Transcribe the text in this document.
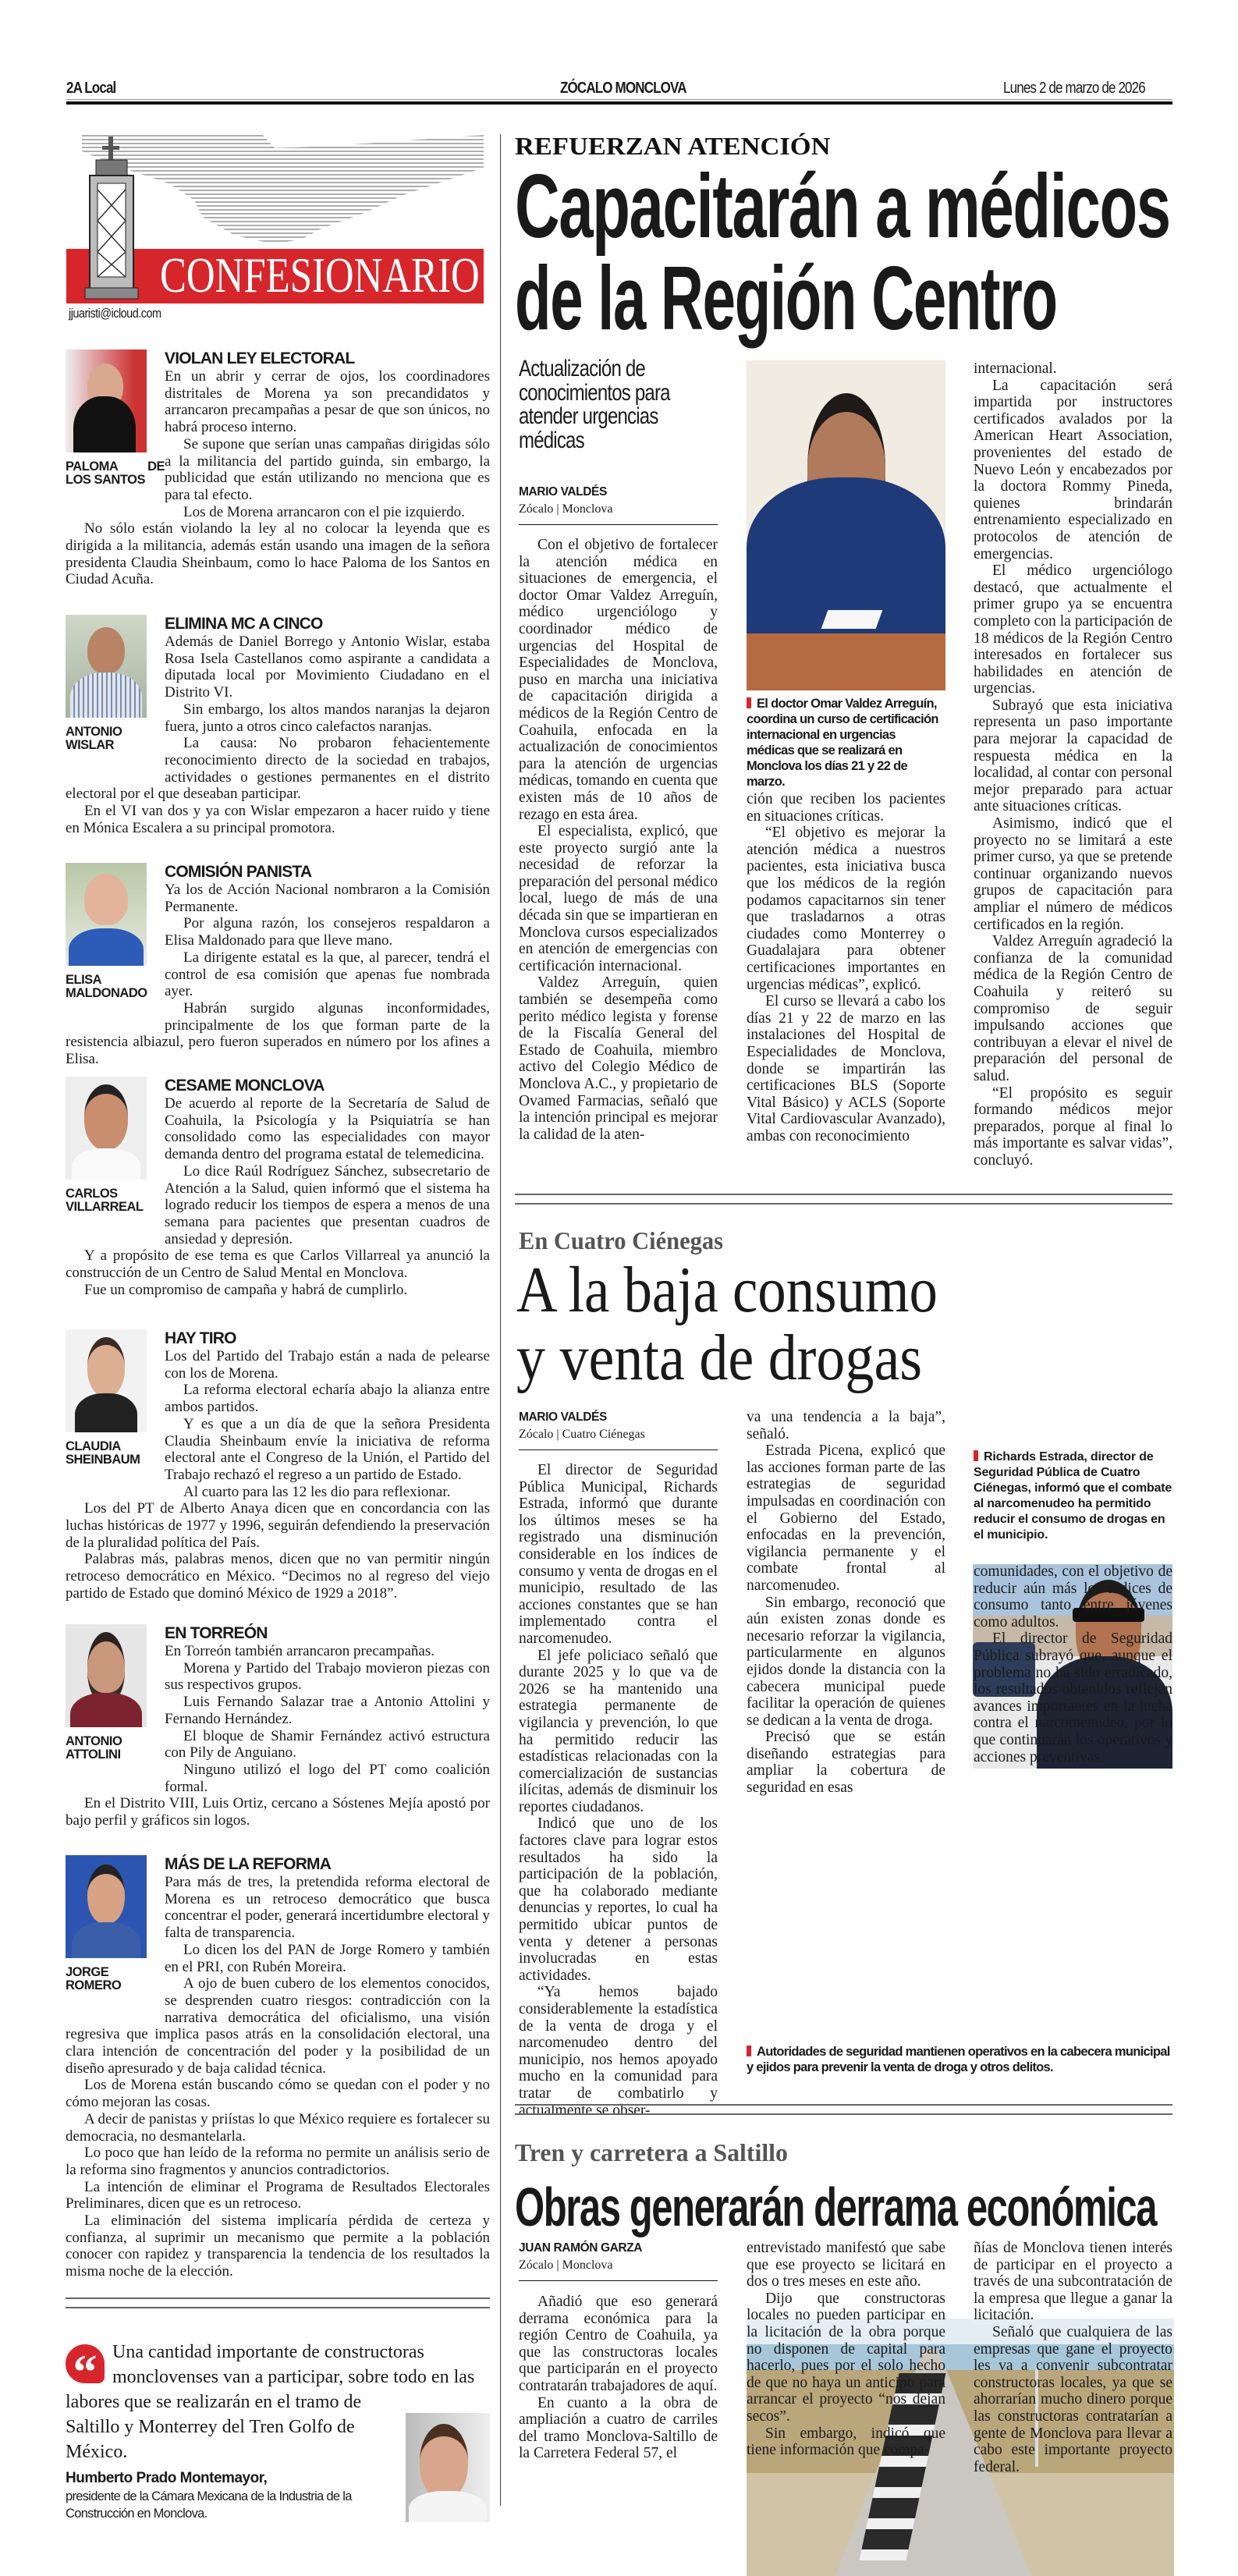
2A Local	ZÓCALO MONCLOVA	Lunes 2 de marzo de 2026
CONFESIONARIO
jjuaristi@icloud.com
PALOMA DE LOS SANTOS
VIOLAN LEY ELECTORAL

En un abrir y cerrar de ojos, los coordinadores distritales de Morena ya son precandidatos y arrancaron precampañas a pesar de que son únicos, no habrá proceso interno.

Se supone que serían unas campañas dirigidas sólo a la militancia del partido guinda, sin embargo, la publicidad que están utilizando no menciona que es para tal efecto.

Los de Morena arrancaron con el pie izquierdo.

No sólo están violando la ley al no colocar la leyenda que es dirigida a la militancia, además están usando una imagen de la señora presidenta Claudia Sheinbaum, como lo hace Paloma de los Santos en Ciudad Acuña.

ANTONIO WISLAR
ELIMINA MC A CINCO

Además de Daniel Borrego y Antonio Wislar, estaba Rosa Isela Castellanos como aspirante a candidata a diputada local por Movimiento Ciudadano en el Distrito VI.

Sin embargo, los altos mandos naranjas la dejaron fuera, junto a otros cinco calefactos naranjas.

La causa: No probaron fehacientemente reconocimiento directo de la sociedad en trabajos, actividades o gestiones permanentes en el distrito electoral por el que deseaban participar.

En el VI van dos y ya con Wislar empezaron a hacer ruido y tiene en Mónica Escalera a su principal promotora.

ELISA MALDONADO
COMISIÓN PANISTA

Ya los de Acción Nacional nombraron a la Comisión Permanente.

Por alguna razón, los consejeros respaldaron a Elisa Maldonado para que lleve mano.

La dirigente estatal es la que, al parecer, tendrá el control de esa comisión que apenas fue nombrada ayer.

Habrán surgido algunas inconformidades, principalmente de los que forman parte de la resistencia albiazul, pero fueron superados en número por los afines a Elisa.

CARLOS VILLARREAL
CESAME MONCLOVA

De acuerdo al reporte de la Secretaría de Salud de Coahuila, la Psicología y la Psiquiatría se han consolidado como las especialidades con mayor demanda dentro del programa estatal de telemedicina.

Lo dice Raúl Rodríguez Sánchez, subsecretario de Atención a la Salud, quien informó que el sistema ha logrado reducir los tiempos de espera a menos de una semana para pacientes que presentan cuadros de ansiedad y depresión.

Y a propósito de ese tema es que Carlos Villarreal ya anunció la construcción de un Centro de Salud Mental en Monclova.

Fue un compromiso de campaña y habrá de cumplirlo.

CLAUDIA SHEINBAUM
HAY TIRO

Los del Partido del Trabajo están a nada de pelearse con los de Morena.

La reforma electoral echaría abajo la alianza entre ambos partidos.

Y es que a un día de que la señora Presidenta Claudia Sheinbaum envíe la iniciativa de reforma electoral ante el Congreso de la Unión, el Partido del Trabajo rechazó el regreso a un partido de Estado.

Al cuarto para las 12 les dio para reflexionar.

Los del PT de Alberto Anaya dicen que en concordancia con las luchas históricas de 1977 y 1996, seguirán defendiendo la preservación de la pluralidad política del País.

Palabras más, palabras menos, dicen que no van permitir ningún retroceso democrático en México. “Decimos no al regreso del viejo partido de Estado que dominó México de 1929 a 2018”.

ANTONIO ATTOLINI
EN TORREÓN

En Torreón también arrancaron precampañas.

Morena y Partido del Trabajo movieron piezas con sus respectivos grupos.

Luis Fernando Salazar trae a Antonio Attolini y Fernando Hernández.

El bloque de Shamir Fernández activó estructura con Pily de Anguiano.

Ninguno utilizó el logo del PT como coalición formal.

En el Distrito VIII, Luis Ortiz, cercano a Sóstenes Mejía apostó por bajo perfil y gráficos sin logos.

JORGE ROMERO
MÁS DE LA REFORMA

Para más de tres, la pretendida reforma electoral de Morena es un retroceso democrático que busca concentrar el poder, generará incertidumbre electoral y falta de transparencia.

Lo dicen los del PAN de Jorge Romero y también en el PRI, con Rubén Moreira.

A ojo de buen cubero de los elementos conocidos, se desprenden cuatro riesgos: contradicción con la narrativa democrática del oficialismo, una visión regresiva que implica pasos atrás en la consolidación electoral, una clara intención de concentración del poder y la posibilidad de un diseño apresurado y de baja calidad técnica.

Los de Morena están buscando cómo se quedan con el poder y no cómo mejoran las cosas.

A decir de panistas y priístas lo que México requiere es fortalecer su democracia, no desmantelarla.

Lo poco que han leído de la reforma no permite un análisis serio de la reforma sino fragmentos y anuncios contradictorios.

La intención de eliminar el Programa de Resultados Electorales Preliminares, dicen que es un retroceso.

La eliminación del sistema implicaría pérdida de certeza y confianza, al suprimir un mecanismo que permite a la población conocer con rapidez y transparencia la tendencia de los resultados la misma noche de la elección.

“ Una cantidad importante de constructoras monclovenses van a participar, sobre todo en las labores que se realizarán en el tramo de Saltillo y Monterrey del Tren Golfo de México.
Humberto Prado Montemayor,
presidente de la Cámara Mexicana de la Industria de la Construcción en Monclova.
REFUERZAN ATENCIÓN
Capacitarán a médicos
de la Región Centro
Actualización de conocimientos para atender urgencias médicas
MARIO VALDÉS
Zócalo | Monclova

Con el objetivo de fortalecer la atención médica en situaciones de emergencia, el doctor Omar Valdez Arreguín, médico urgenciólogo y coordinador médico de urgencias del Hospital de Especialidades de Monclova, puso en marcha una iniciativa de capacitación dirigida a médicos de la Región Centro de Coahuila, enfocada en la actualización de conocimientos para la atención de urgencias médicas, tomando en cuenta que existen más de 10 años de rezago en esta área.

El especialista, explicó, que este proyecto surgió ante la necesidad de reforzar la preparación del personal médico local, luego de más de una década sin que se impartieran en Monclova cursos especializados en atención de emergencias con certificación internacional.

Valdez Arreguín, quien también se desempeña como perito médico legista y forense de la Fiscalía General del Estado de Coahuila, miembro activo del Colegio Médico de Monclova A.C., y propietario de Ovamed Farmacias, señaló que la intención principal es mejorar la calidad de la aten-

El doctor Omar Valdez Arreguín, coordina un curso de certificación internacional en urgencias médicas que se realizará en Monclova los días 21 y 22 de marzo.

ción que reciben los pacientes en situaciones críticas.

“El objetivo es mejorar la atención médica a nuestros pacientes, esta iniciativa busca que los médicos de la región podamos capacitarnos sin tener que trasladarnos a otras ciudades como Monterrey o Guadalajara para obtener certificaciones importantes en urgencias médicas”, explicó.

El curso se llevará a cabo los días 21 y 22 de marzo en las instalaciones del Hospital de Especialidades de Monclova, donde se impartirán las certificaciones BLS (Soporte Vital Básico) y ACLS (Soporte Vital Cardiovascular Avanzado), ambas con reconocimiento

internacional.

La capacitación será impartida por instructores certificados avalados por la American Heart Association, provenientes del estado de Nuevo León y encabezados por la doctora Rommy Pineda, quienes brindarán entrenamiento especializado en protocolos de atención de emergencias.

El médico urgenciólogo destacó, que actualmente el primer grupo ya se encuentra completo con la participación de 18 médicos de la Región Centro interesados en fortalecer sus habilidades en atención de urgencias.

Subrayó que esta iniciativa representa un paso importante para mejorar la capacidad de respuesta médica en la localidad, al contar con personal mejor preparado para actuar ante situaciones críticas.

Asimismo, indicó que el proyecto no se limitará a este primer curso, ya que se pretende continuar organizando nuevos grupos de capacitación para ampliar el número de médicos certificados en la región.

Valdez Arreguín agradeció la confianza de la comunidad médica de la Región Centro de Coahuila y reiteró su compromiso de seguir impulsando acciones que contribuyan a elevar el nivel de preparación del personal de salud.

“El propósito es seguir formando médicos mejor preparados, porque al final lo más importante es salvar vidas”, concluyó.

En Cuatro Ciénegas
A la baja consumo
y venta de drogas
MARIO VALDÉS
Zócalo | Cuatro Ciénegas

El director de Seguridad Pública Municipal, Richards Estrada, informó que durante los últimos meses se ha registrado una disminución considerable en los índices de consumo y venta de drogas en el municipio, resultado de las acciones constantes que se han implementado contra el narcomenudeo.

El jefe policiaco señaló que durante 2025 y lo que va de 2026 se ha mantenido una estrategia permanente de vigilancia y prevención, lo que ha permitido reducir las estadísticas relacionadas con la comercialización de sustancias ilícitas, además de disminuir los reportes ciudadanos.

Indicó que uno de los factores clave para lograr estos resultados ha sido la participación de la población, que ha colaborado mediante denuncias y reportes, lo cual ha permitido ubicar puntos de venta y detener a personas involucradas en estas actividades.

“Ya hemos bajado considerablemente la estadística de la venta de droga y el narcomenudeo dentro del municipio, nos hemos apoyado mucho en la comunidad para tratar de combatirlo y actualmente se obser-

va una tendencia a la baja”, señaló.

Estrada Picena, explicó que las acciones forman parte de las estrategias de seguridad impulsadas en coordinación con el Gobierno del Estado, enfocadas en la prevención, vigilancia permanente y el combate frontal al narcomenudeo.

Sin embargo, reconoció que aún existen zonas donde es necesario reforzar la vigilancia, particularmente en algunos ejidos donde la distancia con la cabecera municipal puede facilitar la operación de quienes se dedican a la venta de droga.

Precisó que se están diseñando estrategias para ampliar la cobertura de seguridad en esas

Richards Estrada, director de Seguridad Pública de Cuatro Ciénegas, informó que el combate al narcomenudeo ha permitido reducir el consumo de drogas en el municipio.

comunidades, con el objetivo de reducir aún más los índices de consumo tanto entre jóvenes como adultos.

El director de Seguridad Pública subrayó que, aunque el problema no ha sido erradicado, los resultados obtenidos reflejan avances importantes en la lucha contra el narcomenudeo, por lo que continuarán los operativos y acciones preventivas.

Autoridades de seguridad mantienen operativos en la cabecera municipal y ejidos para prevenir la venta de droga y otros delitos.
Tren y carretera a Saltillo
Obras generarán derrama económica
JUAN RAMÓN GARZA
Zócalo | Monclova

Añadió que eso generará derrama económica para la región Centro de Coahuila, ya que las constructoras locales que participarán en el proyecto contratarán trabajadores de aquí.

En cuanto a la obra de ampliación a cuatro de carriles del tramo Monclova-Saltillo de la Carretera Federal 57, el

entrevistado manifestó que sabe que ese proyecto se licitará en dos o tres meses en este año.

Dijo que constructoras locales no pueden participar en la licitación de la obra porque no disponen de capital para hacerlo, pues por el solo hecho de que no haya un anticipo para arrancar el proyecto “nos dejan secos”.

Sin embargo, indicó que tiene información que compa-

ñías de Monclova tienen interés de participar en el proyecto a través de una subcontratación de la empresa que llegue a ganar la licitación.

Señaló que cualquiera de las empresas que gane el proyecto les va a convenir subcontratar constructoras locales, ya que se ahorrarían mucho dinero porque las constructoras contratarían a gente de Monclova para llevar a cabo este importante proyecto federal.
